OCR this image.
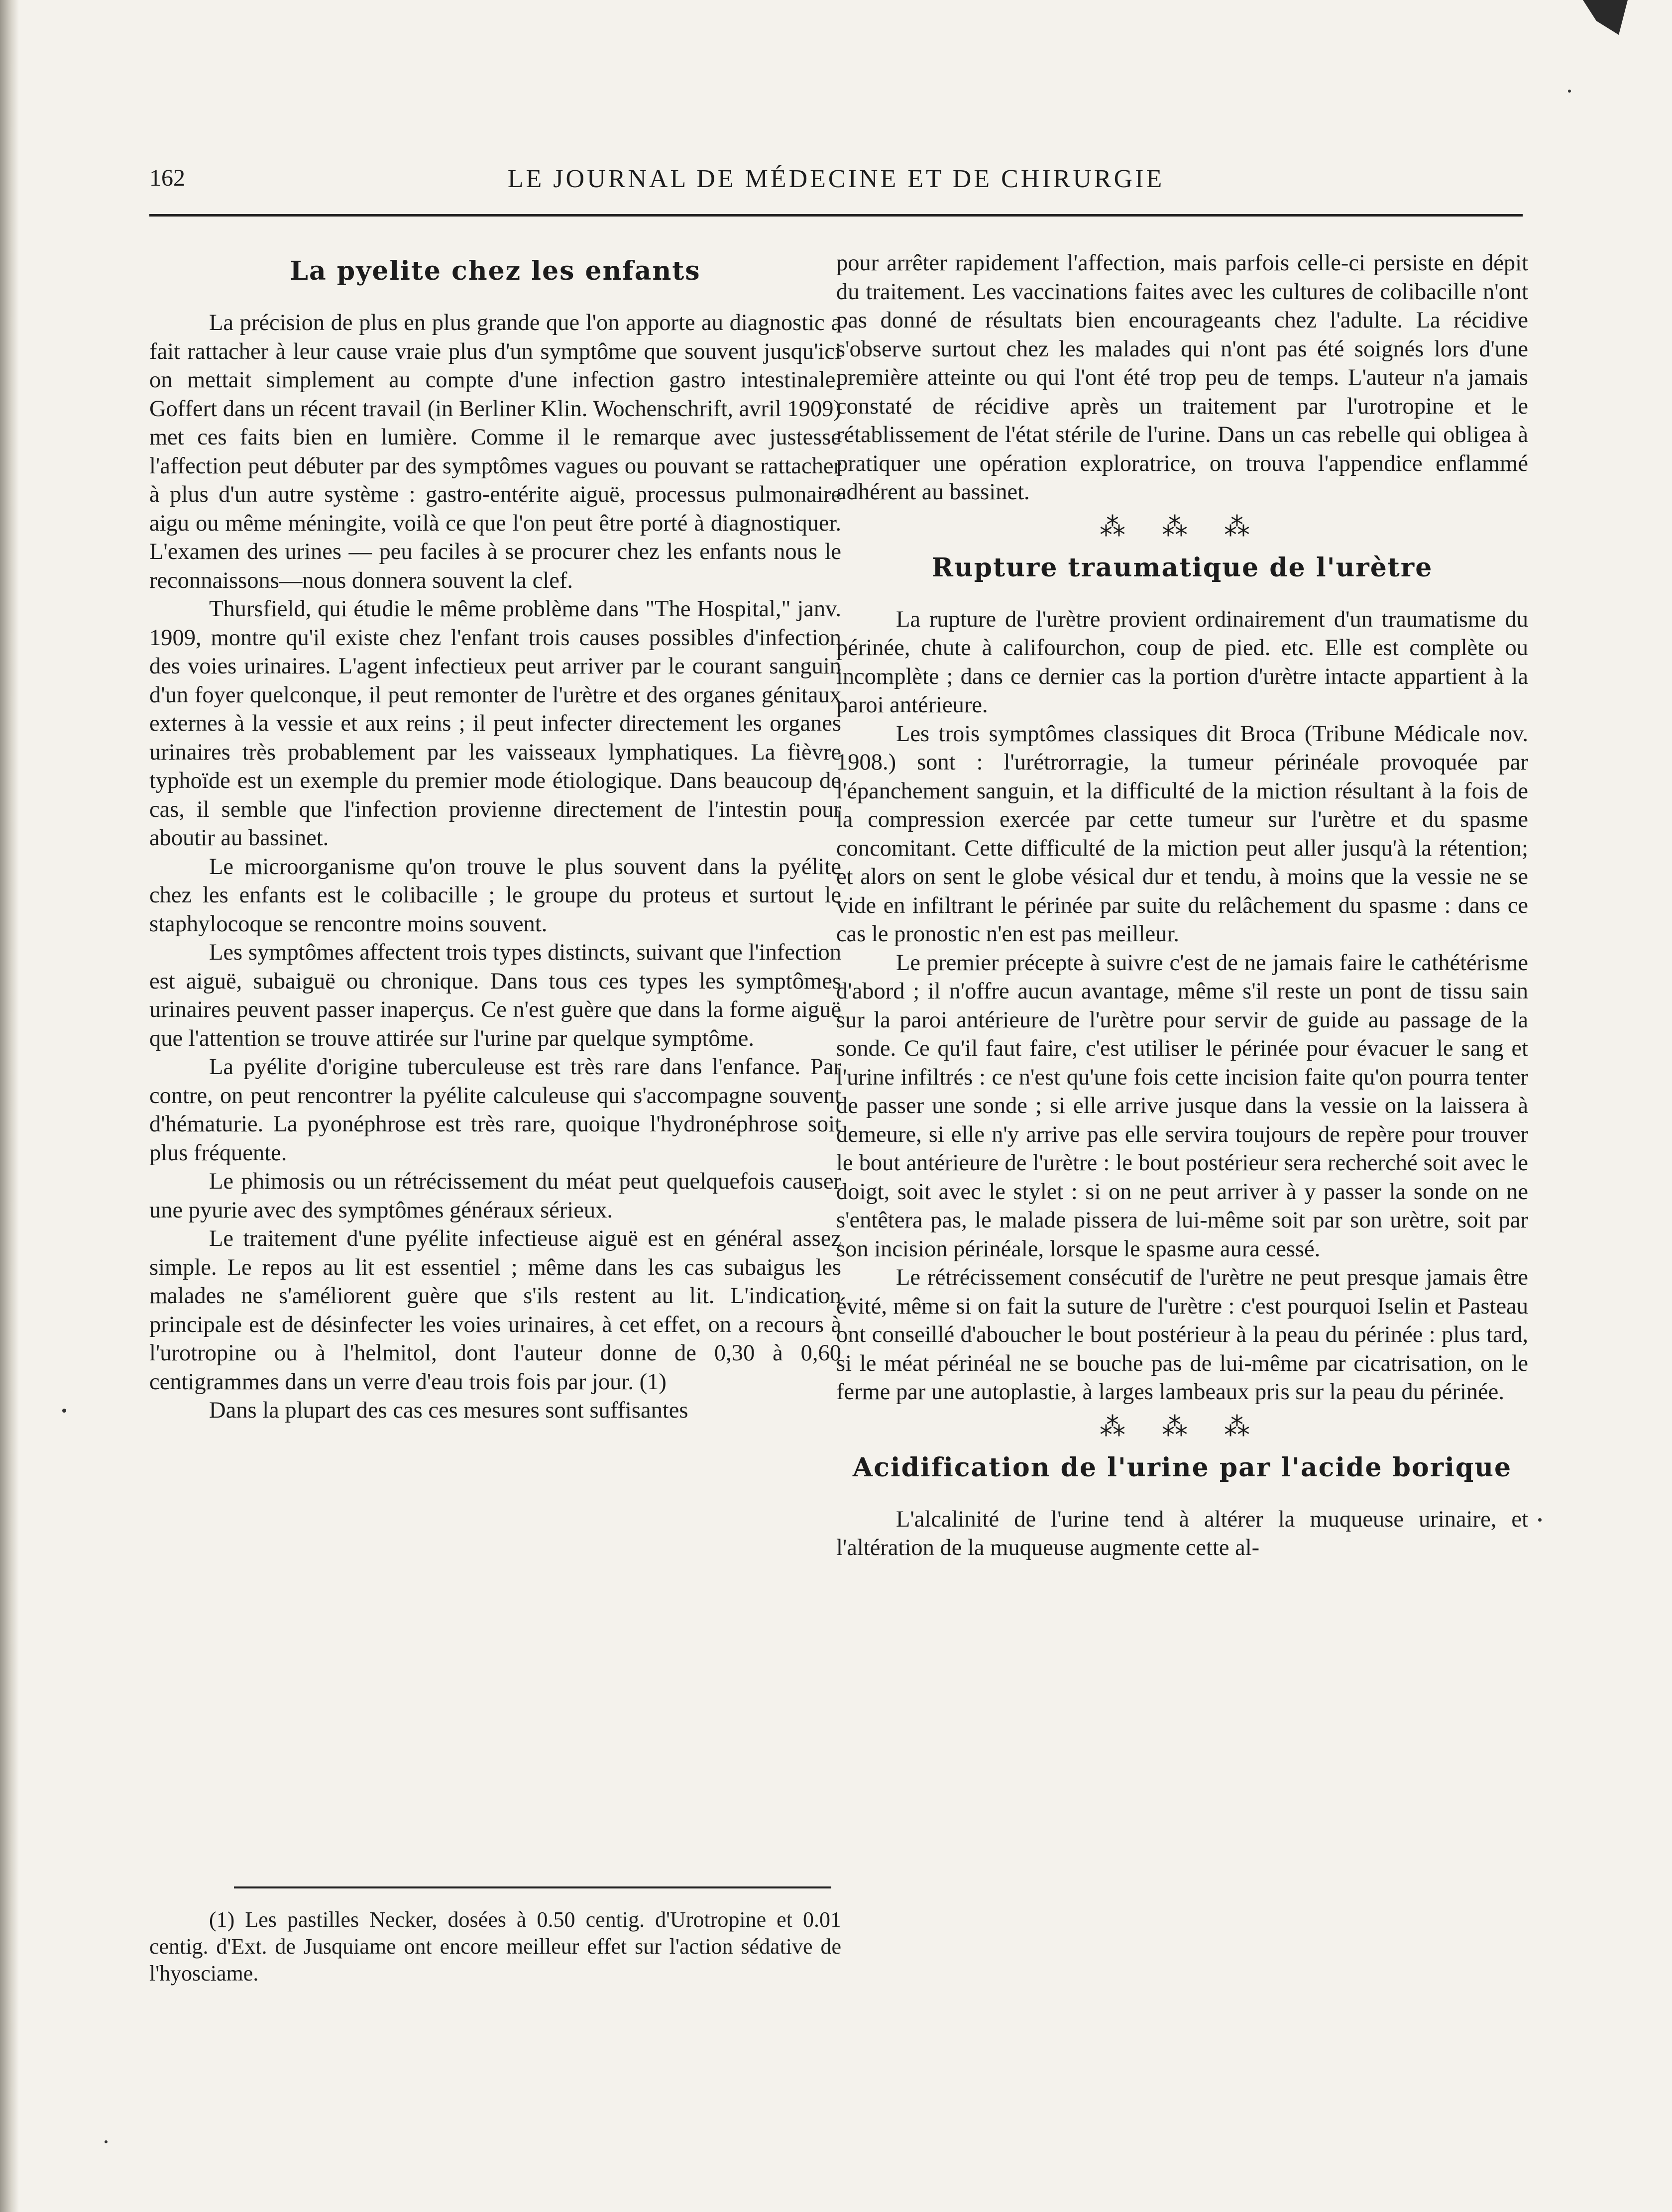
162	LE JOURNAL DE MÉDECINE ET DE CHIRURGIE
La pyelite chez les enfants

La précision de plus en plus grande que l'on apporte au diagnostic a fait rattacher à leur cause vraie plus d'un symptôme que souvent jusqu'ici on mettait simplement au compte d'une infection gastro intestinale. Goffert dans un récent travail (in Berliner Klin. Wochenschrift, avril 1909) met ces faits bien en lumière. Comme il le remarque avec justesse l'affection peut débuter par des symptômes vagues ou pouvant se rattacher à plus d'un autre système : gastro-entérite aiguë, processus pulmonaire aigu ou même méningite, voilà ce que l'on peut être porté à diagnostiquer. L'examen des urines — peu faciles à se procurer chez les enfants nous le reconnaissons—nous donnera souvent la clef.

Thursfield, qui étudie le même problème dans "The Hospital," janv. 1909, montre qu'il existe chez l'enfant trois causes possibles d'infection des voies urinaires. L'agent infectieux peut arriver par le courant sanguin d'un foyer quelconque, il peut remonter de l'urètre et des organes génitaux externes à la vessie et aux reins ; il peut infecter directement les organes urinaires très probablement par les vaisseaux lymphatiques. La fièvre typhoïde est un exemple du premier mode étiologique. Dans beaucoup de cas, il semble que l'infection provienne directement de l'intestin pour aboutir au bassinet.

Le microorganisme qu'on trouve le plus souvent dans la pyélite chez les enfants est le colibacille ; le groupe du proteus et surtout le staphylocoque se rencontre moins souvent.

Les symptômes affectent trois types distincts, suivant que l'infection est aiguë, subaiguë ou chronique. Dans tous ces types les symptômes urinaires peuvent passer inaperçus. Ce n'est guère que dans la forme aiguë que l'attention se trouve attirée sur l'urine par quelque symptôme.

La pyélite d'origine tuberculeuse est très rare dans l'enfance. Par contre, on peut rencontrer la pyélite calculeuse qui s'accompagne souvent d'hématurie. La pyonéphrose est très rare, quoique l'hydronéphrose soit plus fréquente.

Le phimosis ou un rétrécissement du méat peut quelquefois causer une pyurie avec des symptômes généraux sérieux.

Le traitement d'une pyélite infectieuse aiguë est en général assez simple. Le repos au lit est essentiel ; même dans les cas subaigus les malades ne s'améliorent guère que s'ils restent au lit. L'indication principale est de désinfecter les voies urinaires, à cet effet, on a recours à l'urotropine ou à l'helmitol, dont l'auteur donne de 0,30 à 0,60 centigrammes dans un verre d'eau trois fois par jour. (1)

Dans la plupart des cas ces mesures sont suffisantes

(1) Les pastilles Necker, dosées à 0.50 centig. d'Urotropine et 0.01 centig. d'Ext. de Jusquiame ont encore meilleur effet sur l'action sédative de l'hyosciame.

pour arrêter rapidement l'affection, mais parfois celle-ci persiste en dépit du traitement. Les vaccinations faites avec les cultures de colibacille n'ont pas donné de résultats bien encourageants chez l'adulte. La récidive s'observe surtout chez les malades qui n'ont pas été soignés lors d'une première atteinte ou qui l'ont été trop peu de temps. L'auteur n'a jamais constaté de récidive après un traitement par l'urotropine et le rétablissement de l'état stérile de l'urine. Dans un cas rebelle qui obligea à pratiquer une opération exploratrice, on trouva l'appendice enflammé adhérent au bassinet.

⁂ ⁂ ⁂
Rupture traumatique de l'urètre

La rupture de l'urètre provient ordinairement d'un traumatisme du périnée, chute à califourchon, coup de pied. etc. Elle est complète ou incomplète ; dans ce dernier cas la portion d'urètre intacte appartient à la paroi antérieure.

Les trois symptômes classiques dit Broca (Tribune Médicale nov. 1908.) sont : l'urétrorragie, la tumeur périnéale provoquée par l'épanchement sanguin, et la difficulté de la miction résultant à la fois de la compression exercée par cette tumeur sur l'urètre et du spasme concomitant. Cette difficulté de la miction peut aller jusqu'à la rétention; et alors on sent le globe vésical dur et tendu, à moins que la vessie ne se vide en infiltrant le périnée par suite du relâchement du spasme : dans ce cas le pronostic n'en est pas meilleur.

Le premier précepte à suivre c'est de ne jamais faire le cathétérisme d'abord ; il n'offre aucun avantage, même s'il reste un pont de tissu sain sur la paroi antérieure de l'urètre pour servir de guide au passage de la sonde. Ce qu'il faut faire, c'est utiliser le périnée pour évacuer le sang et l'urine infiltrés : ce n'est qu'une fois cette incision faite qu'on pourra tenter de passer une sonde ; si elle arrive jusque dans la vessie on la laissera à demeure, si elle n'y arrive pas elle servira toujours de repère pour trouver le bout antérieure de l'urètre : le bout postérieur sera recherché soit avec le doigt, soit avec le stylet : si on ne peut arriver à y passer la sonde on ne s'entêtera pas, le malade pissera de lui-même soit par son urètre, soit par son incision périnéale, lorsque le spasme aura cessé.

Le rétrécissement consécutif de l'urètre ne peut presque jamais être évité, même si on fait la suture de l'urètre : c'est pourquoi Iselin et Pasteau ont conseillé d'aboucher le bout postérieur à la peau du périnée : plus tard, si le méat périnéal ne se bouche pas de lui-même par cicatrisation, on le ferme par une autoplastie, à larges lambeaux pris sur la peau du périnée.

⁂ ⁂ ⁂
Acidification de l'urine par l'acide borique

L'alcalinité de l'urine tend à altérer la muqueuse urinaire, et l'altération de la muqueuse augmente cette al-
